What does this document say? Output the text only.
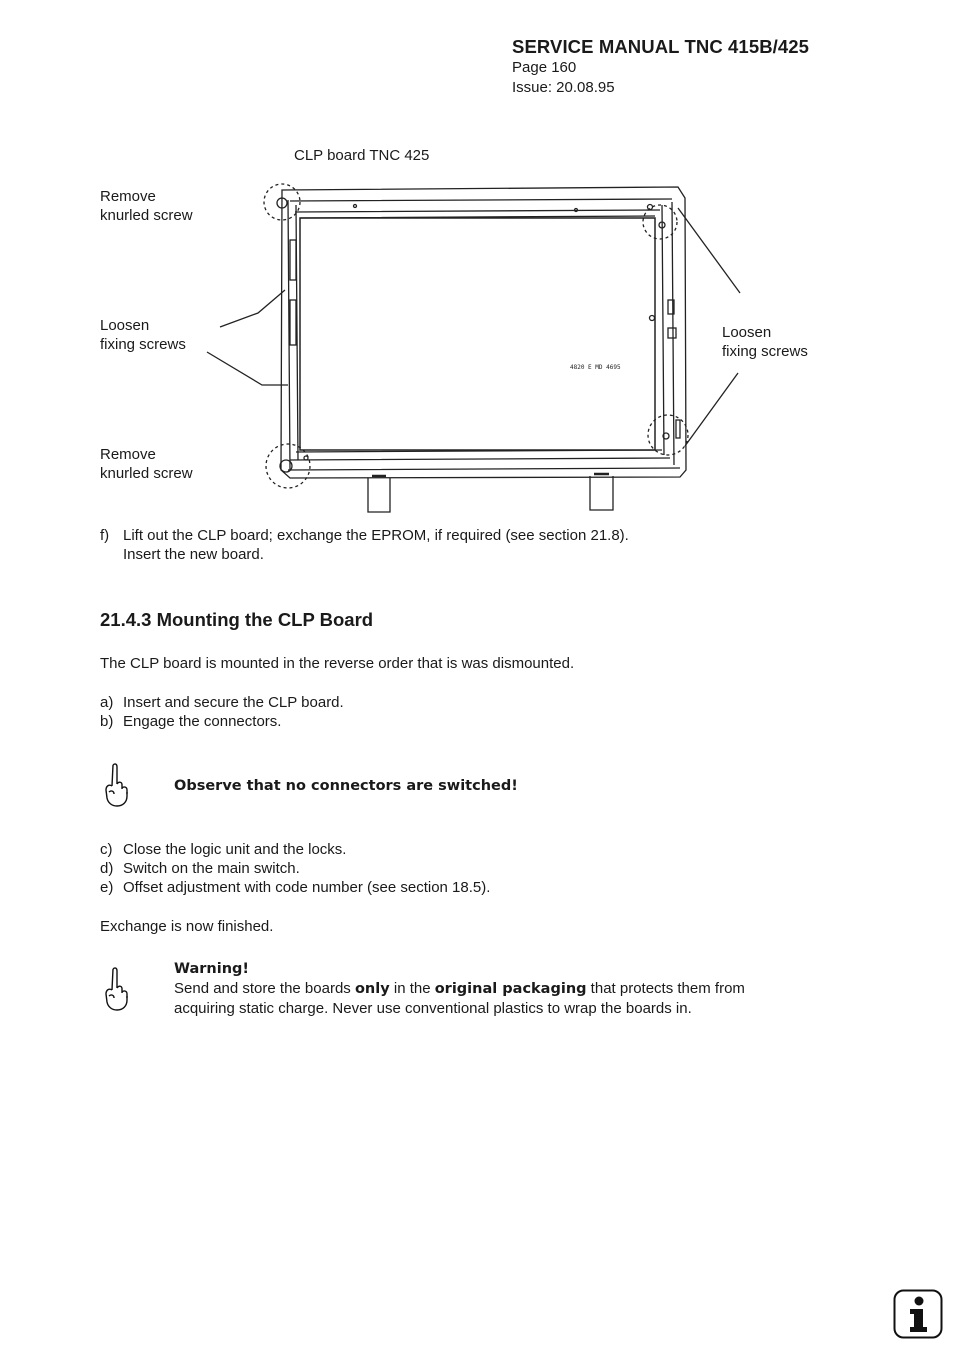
SERVICE MANUAL TNC 415B/425
Page 160
Issue: 20.08.95
CLP board TNC 425
Remove
knurled screw
Loosen
fixing screws
Loosen
fixing screws
Remove
knurled screw
4820 E MD 4695
f) Lift out the CLP board; exchange the EPROM, if required (see section 21.8).
Insert the new board.
21.4.3 Mounting the CLP Board
The CLP board is mounted in the reverse order that is was dismounted.
a) Insert and secure the CLP board.
b) Engage the connectors.
Observe that no connectors are switched!
c) Close the logic unit and the locks.
d) Switch on the main switch.
e) Offset adjustment with code number (see section 18.5).
Exchange is now finished.
Warning!
Send and store the boards only in the original packaging that protects them from
acquiring static charge. Never use conventional plastics to wrap the boards in.
